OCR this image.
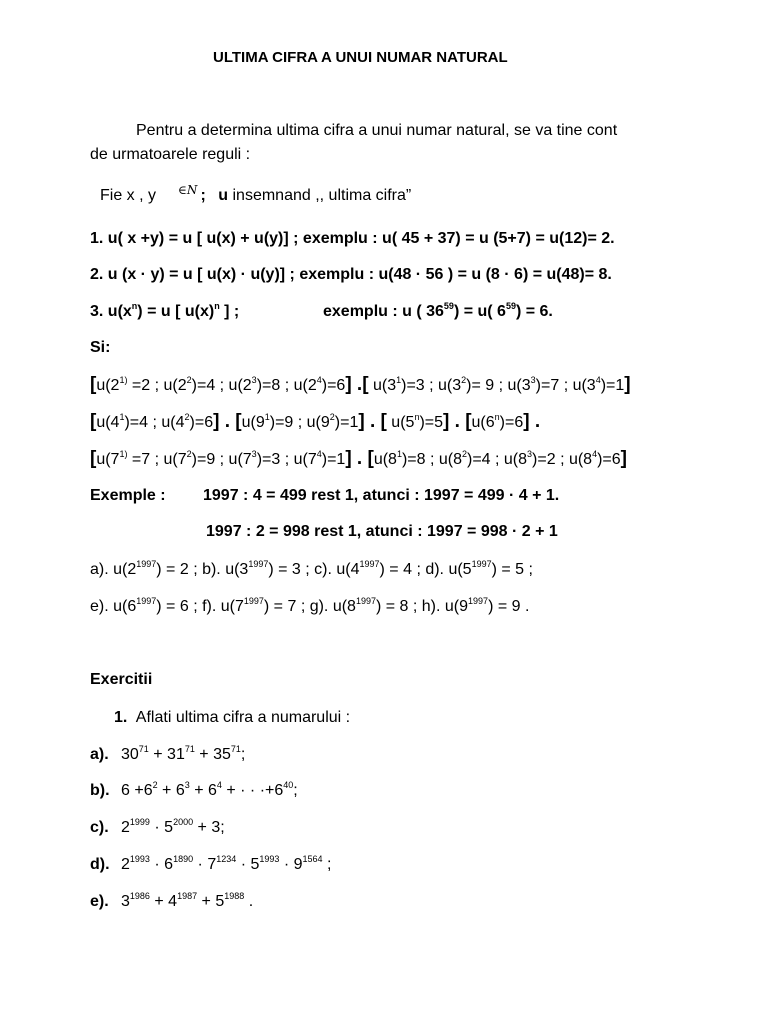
ULTIMA CIFRA A UNUI NUMAR NATURAL
Pentru a determina ultima cifra a unui numar natural, se va tine cont
de urmatoarele reguli :
Fie x , y ∈N ; u insemnand ,, ultima cifra”
1. u( x +y) = u [ u(x) + u(y)] ; exemplu : u( 45 + 37) = u (5+7) = u(12)= 2.
2. u (x · y) = u [ u(x) · u(y)] ; exemplu : u(48 · 56 ) = u (8 · 6) = u(48)= 8.
3. $u(x^n) = u$ [ $u(x)^n$ ] ;	exemplu : u ( $36^{59}) = u$( $6^{59}) = 6$.
Si:
[$u(2^{1)} =2$ ; $u(2^2)=4$ ; $u(2^3)=8$ ; $u(2^4)=6$] .[ $u(3^1)=3$ ; $u(3^2)= 9$ ; $u(3^3)=7$ ; $u(3^4)=1$]
[$u(4^1)=4$ ; $u(4^2)=6$] . [$u(9^1)=9$ ; $u(9^2)=1$] . [ $u(5^n)=5$] . $[u(6^n)=6]$ .
[$u(7^{1)} =7$ ; $u(7^2)=9$ ; $u(7^3)=3$ ; $u(7^4)=1$] . [$u(8^1)=8$ ; $u(8^2)=4$ ; $u(8^3)=2$ ; $u(8^4)=6$]
Exemple : 1997 : 4 = 499 rest 1, atunci : 1997 = 499 · 4 + 1.
1997 : 2 = 998 rest 1, atunci : 1997 = 998 · 2 + 1
a). $u(2^{1997}) = 2$ ; b). $u(3^{1997}) = 3$ ; c). $u(4^{1997}) = 4$ ; d). $u(5^{1997}) = 5$ ;
e). $u(6^{1997}) = 6$ ; f). $u(7^{1997}) = 7$ ; g). $u(8^{1997}) = 8$ ; h). $u(9^{1997}) = 9$ .
Exercitii
1. Aflati ultima cifra a numarului :
a). $30^{71} + 31^{71} + 35^{71}$;
b). $6 +6^2 + 6^3 + 6^4$ + · · $\cdot+6^{40}$;
c). $2^{1999} \cdot 5^{2000} + 3$;
d). $2^{1993} \cdot 6^{1890} \cdot 7^{1234} \cdot 5^{1993} \cdot 9^{1564}$ ;
e). $3^{1986} + 4^{1987} + 5^{1988}$ .
